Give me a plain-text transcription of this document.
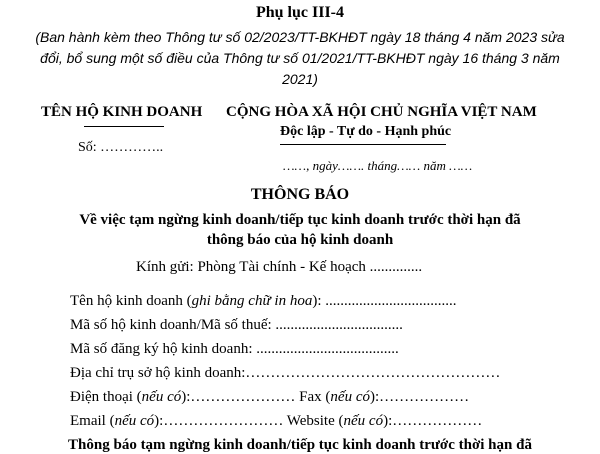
Phụ lục III-4
(Ban hành kèm theo Thông tư số 02/2023/TT-BKHĐT ngày 18 tháng 4 năm 2023 sửa
đổi, bổ sung một số điều của Thông tư số 01/2021/TT-BKHĐT ngày 16 tháng 3 năm
2021)
TÊN HỘ KINH DOANH
Số: …………..
CỘNG HÒA XÃ HỘI CHỦ NGHĨA VIỆT NAM
Độc lập - Tự do - Hạnh phúc
……, ngày……. tháng…… năm ……
THÔNG BÁO
Về việc tạm ngừng kinh doanh/tiếp tục kinh doanh trước thời hạn đã
thông báo của hộ kinh doanh
Kính gửi: Phòng Tài chính - Kế hoạch ..............
Tên hộ kinh doanh (ghi bằng chữ in hoa): ...................................
Mã số hộ kinh doanh/Mã số thuế: ..................................
Mã số đăng ký hộ kinh doanh: ......................................
Địa chỉ trụ sở hộ kinh doanh:……………………………………………
Điện thoại (nếu có):………………… Fax (nếu có):………………
Email (nếu có):…………………… Website (nếu có):………………
Thông báo tạm ngừng kinh doanh/tiếp tục kinh doanh trước thời hạn đã
